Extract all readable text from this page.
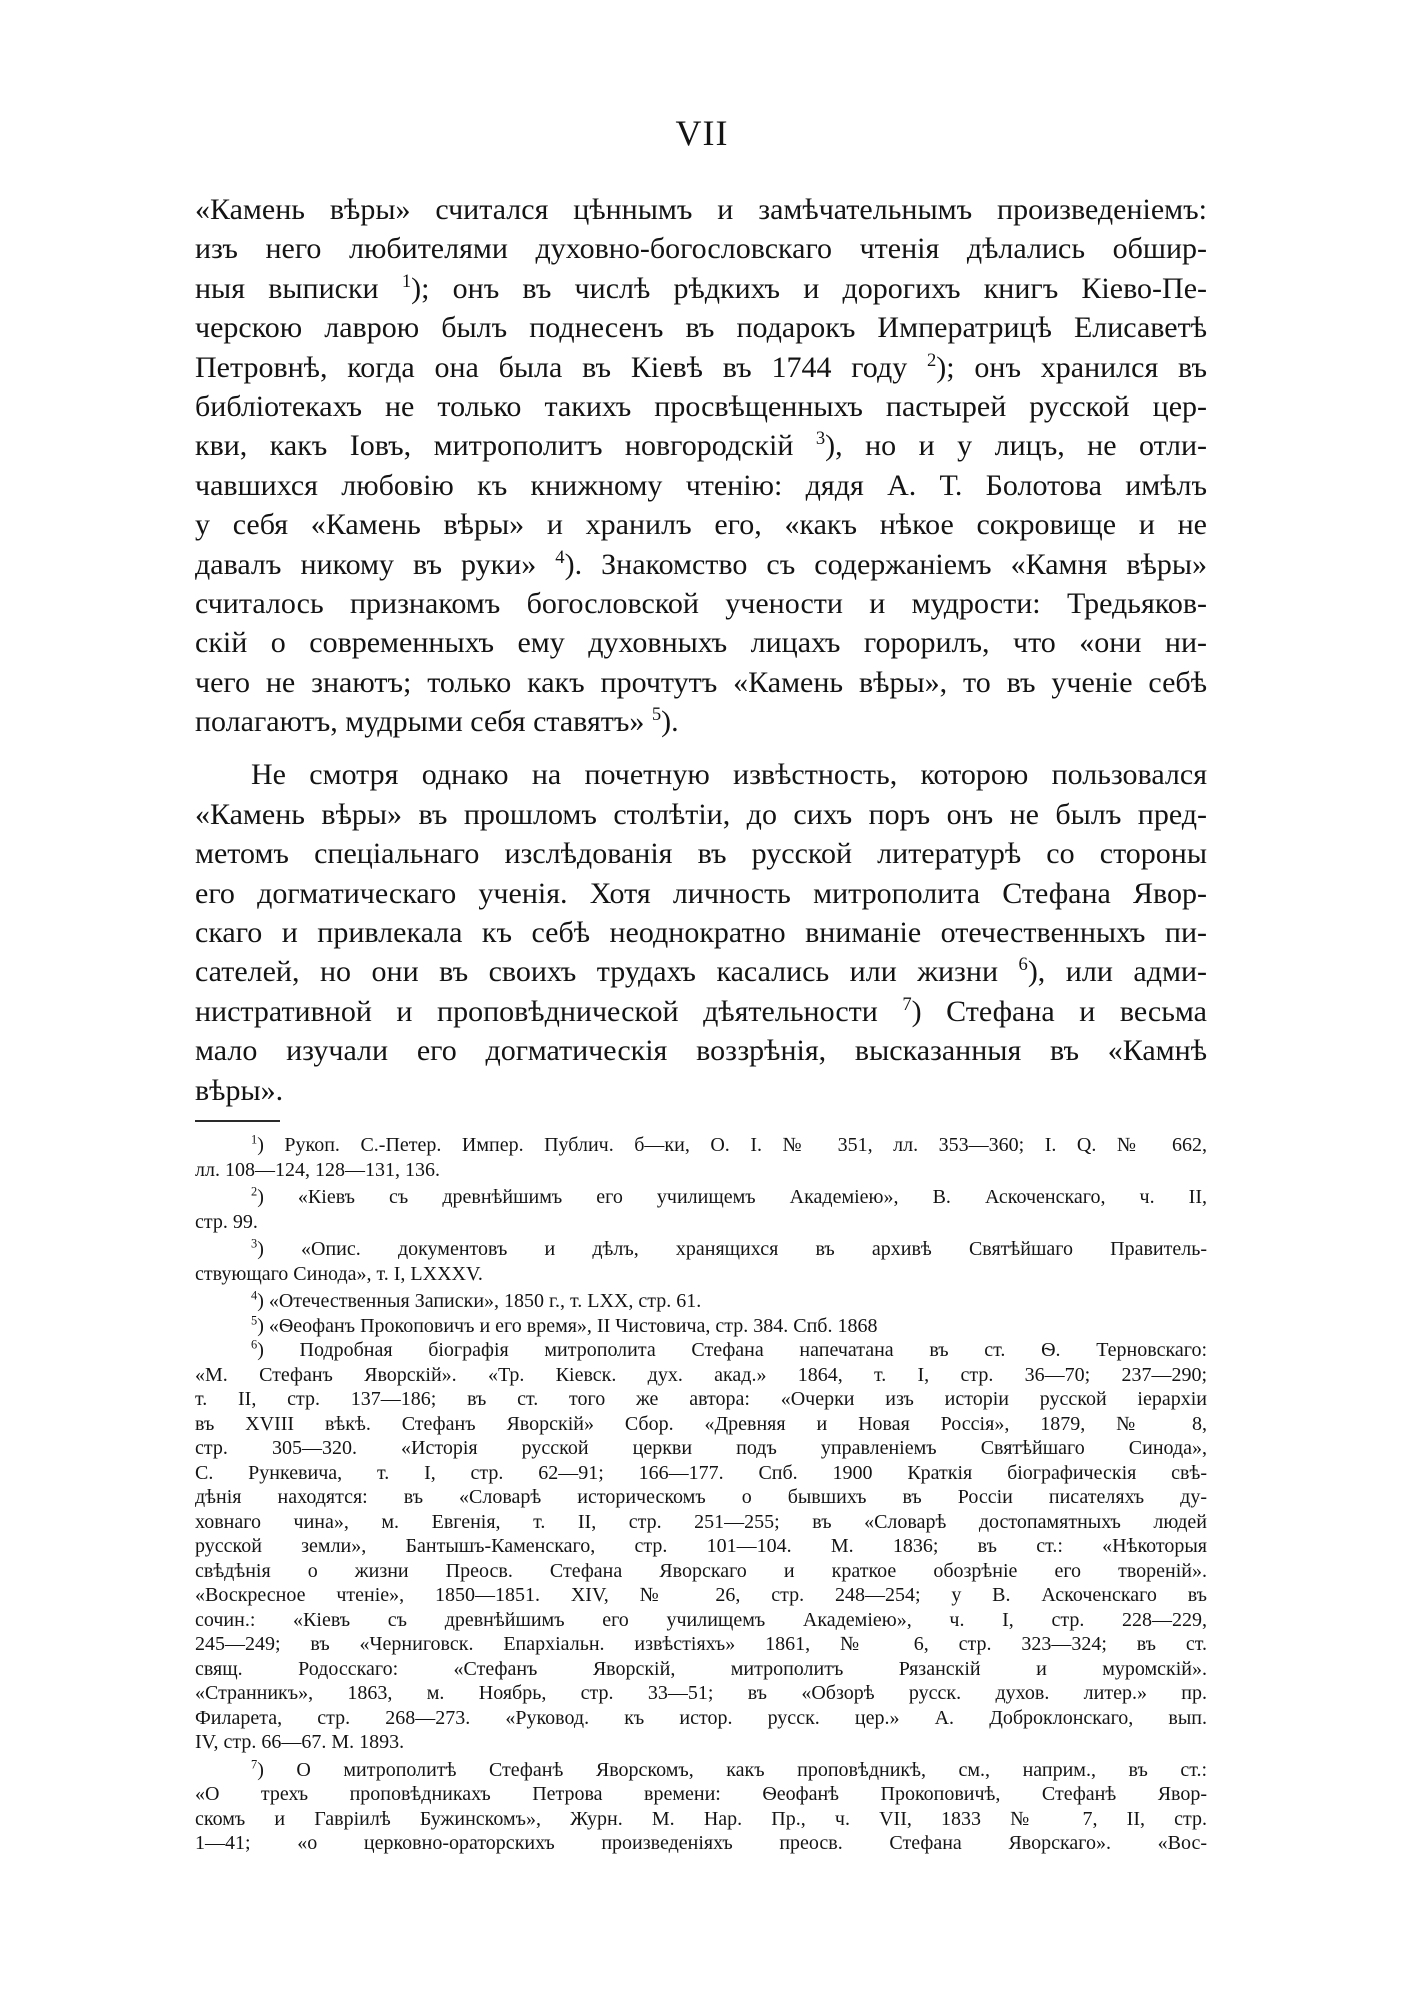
VII
«Камень вѣры» считался цѣннымъ и замѣчательнымъ произведеніемъ:
изъ него любителями духовно-богословскаго чтенія дѣлались обшир-
ныя выписки $^1$); онъ въ числѣ рѣдкихъ и дорогихъ книгъ Кіево-Пе-
черскою лаврою былъ поднесенъ въ подарокъ Императрицѣ Елисаветѣ
Петровнѣ, когда она была въ Кіевѣ въ 1744 году $^2$); онъ хранился въ
библіотекахъ не только такихъ просвѣщенныхъ пастырей русской цер-
кви, какъ Іовъ, митрополитъ новгородскій $^3$), но и у лицъ, не отли-
чавшихся любовію къ книжному чтенію: дядя А. Т. Болотова имѣлъ
у себя «Камень вѣры» и хранилъ его, «какъ нѣкое сокровище и не
давалъ никому въ руки» $^4$). Знакомство съ содержаніемъ «Камня вѣры»
считалось признакомъ богословской учености и мудрости: Тредьяков-
скій о современныхъ ему духовныхъ лицахъ горорилъ, что «они ни-
чего не знаютъ; только какъ прочтутъ «Камень вѣры», то въ ученіе себѣ
полагаютъ, мудрыми себя ставятъ» $^5$).
Не смотря однако на почетную извѣстность, которою пользовался
«Камень вѣры» въ прошломъ столѣтіи, до сихъ поръ онъ не былъ пред-
метомъ спеціальнаго изслѣдованія въ русской литературѣ со стороны
его догматическаго ученія. Хотя личность митрополита Стефана Явор-
скаго и привлекала къ себѣ неоднократно вниманіе отечественныхъ пи-
сателей, но они въ своихъ трудахъ касались или жизни $^6$), или адми-
нистративной и проповѣднической дѣятельности $^7$) Стефана и весьма
мало изучали его догматическія воззрѣнія, высказанныя въ «Камнѣ
вѣры».
$^1$) Рукоп. С.-Петер. Импер. Публич. б—ки, О. I. № 351, лл. 353—360; I. Q. № 662,
лл. 108—124, 128—131, 136.
$^2$) «Кіевъ съ древнѣйшимъ его училищемъ Академіею», В. Аскоченскаго, ч. II,
стр. 99.
$^3$) «Опис. документовъ и дѣлъ, хранящихся въ архивѣ Святѣйшаго Правитель-
ствующаго Синода», т. I, LXXXV.
$^4$) «Отечественныя Записки», 1850 г., т. LXX, стр. 61.
$^5$) «Ѳеофанъ Прокоповичъ и его время», II Чистовича, стр. 384. Спб. 1868
$^6$) Подробная біографія митрополита Стефана напечатана въ ст. Ѳ. Терновскаго:
«М. Стефанъ Яворскій». «Тр. Кіевск. дух. акад.» 1864, т. I, стр. 36—70; 237—290;
т. II, стр. 137—186; въ ст. того же автора: «Очерки изъ исторіи русской іерархіи
въ XVIII вѣкѣ. Стефанъ Яворскій» Сбор. «Древняя и Новая Россія», 1879, № 8,
стр. 305—320. «Исторія русской церкви подъ управленіемъ Святѣйшаго Синода»,
С. Рункевича, т. I, стр. 62—91; 166—177. Спб. 1900 Краткія біографическія свѣ-
дѣнія находятся: въ «Словарѣ историческомъ о бывшихъ въ Россіи писателяхъ ду-
ховнаго чина», м. Евгенія, т. II, стр. 251—255; въ «Словарѣ достопамятныхъ людей
русской земли», Бантышъ-Каменскаго, стр. 101—104. М. 1836; въ ст.: «Нѣкоторыя
свѣдѣнія о жизни Преосв. Стефана Яворскаго и краткое обозрѣніе его твореній».
«Воскресное чтеніе», 1850—1851. XIV, № 26, стр. 248—254; у В. Аскоченскаго въ
сочин.: «Кіевъ съ древнѣйшимъ его училищемъ Академіею», ч. I, стр. 228—229,
245—249; въ «Черниговск. Епархіальн. извѣстіяхъ» 1861, № 6, стр. 323—324; въ ст.
свящ. Родосскаго: «Стефанъ Яворскій, митрополитъ Рязанскій и муромскій».
«Странникъ», 1863, м. Ноябрь, стр. 33—51; въ «Обзорѣ русск. духов. литер.» пр.
Филарета, стр. 268—273. «Руковод. къ истор. русск. цер.» А. Доброклонскаго, вып.
IV, стр. 66—67. М. 1893.
$^7$) О митрополитѣ Стефанѣ Яворскомъ, какъ проповѣдникѣ, см., наприм., въ ст.:
«О трехъ проповѣдникахъ Петрова времени: Ѳеофанѣ Прокоповичѣ, Стефанѣ Явор-
скомъ и Гавріилѣ Бужинскомъ», Журн. М. Нар. Пр., ч. VII, 1833 № 7, II, стр.
1—41; «о церковно-ораторскихъ произведеніяхъ преосв. Стефана Яворскаго». «Вос-
